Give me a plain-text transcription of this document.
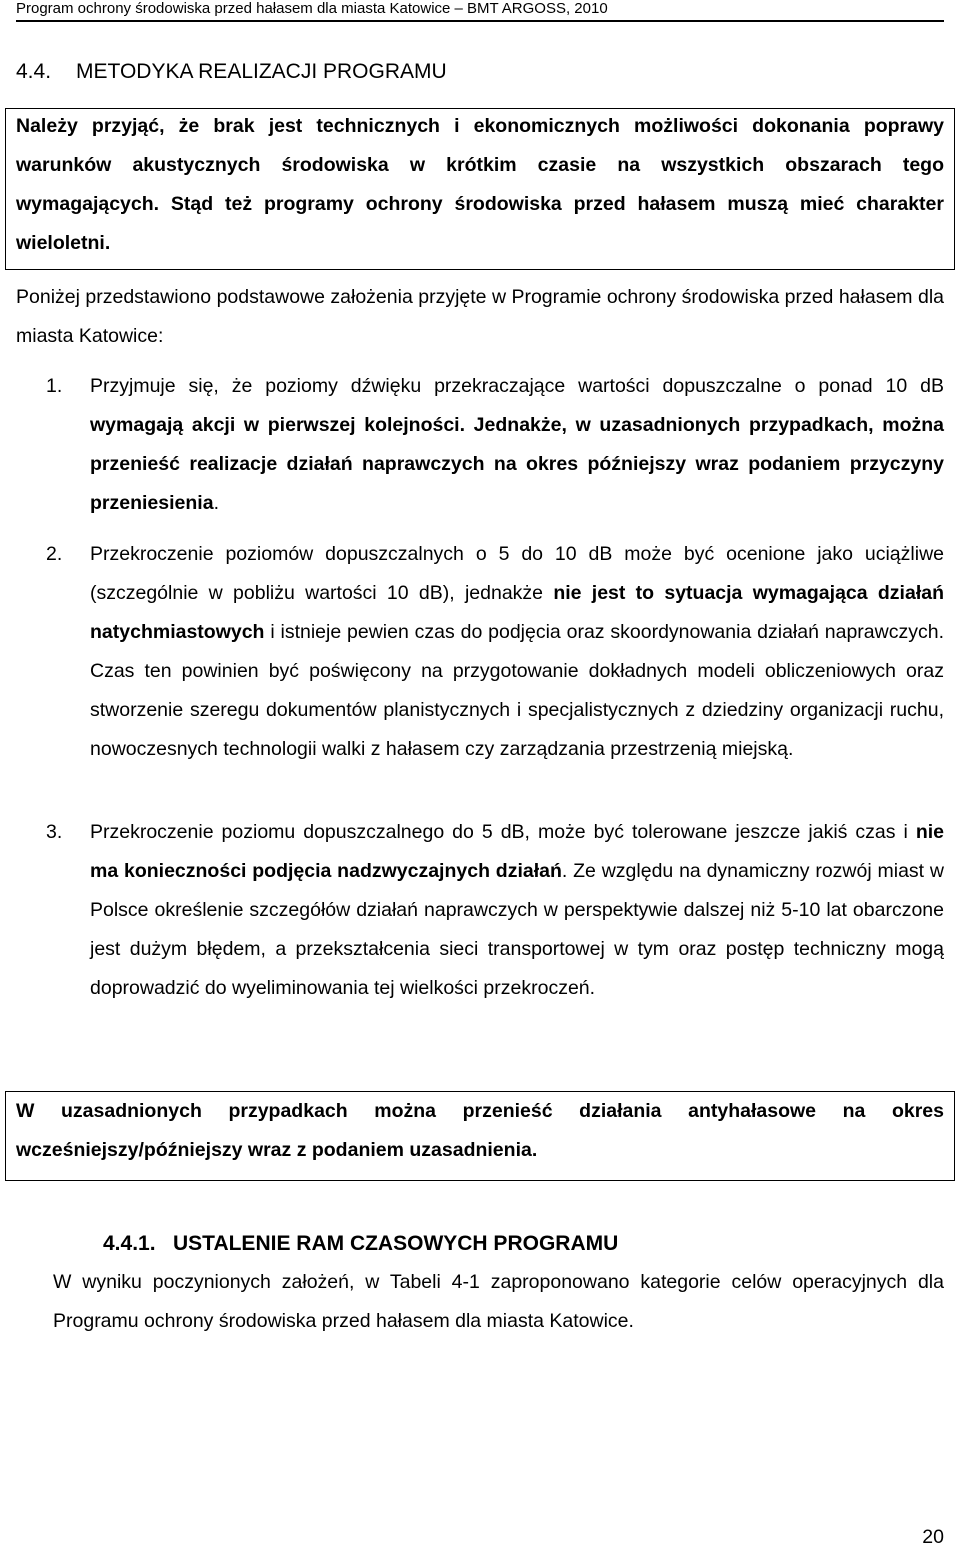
Program ochrony środowiska przed hałasem dla miasta Katowice – BMT ARGOSS, 2010
4.4. METODYKA REALIZACJI PROGRAMU
Należy przyjąć, że brak jest technicznych i ekonomicznych możliwości dokonania poprawy warunków akustycznych środowiska w krótkim czasie na wszystkich obszarach tego wymagających. Stąd też programy ochrony środowiska przed hałasem muszą mieć charakter wieloletni.
Poniżej przedstawiono podstawowe założenia przyjęte w Programie ochrony środowiska przed hałasem dla miasta Katowice:
1. Przyjmuje się, że poziomy dźwięku przekraczające wartości dopuszczalne o ponad 10 dB wymagają akcji w pierwszej kolejności. Jednakże, w uzasadnionych przypadkach, można przenieść realizacje działań naprawczych na okres późniejszy wraz podaniem przyczyny przeniesienia.
2. Przekroczenie poziomów dopuszczalnych o 5 do 10 dB może być ocenione jako uciążliwe (szczególnie w pobliżu wartości 10 dB), jednakże nie jest to sytuacja wymagająca działań natychmiastowych i istnieje pewien czas do podjęcia oraz skoordynowania działań naprawczych. Czas ten powinien być poświęcony na przygotowanie dokładnych modeli obliczeniowych oraz stworzenie szeregu dokumentów planistycznych i specjalistycznych z dziedziny organizacji ruchu, nowoczesnych technologii walki z hałasem czy zarządzania przestrzenią miejską.
3. Przekroczenie poziomu dopuszczalnego do 5 dB, może być tolerowane jeszcze jakiś czas i nie ma konieczności podjęcia nadzwyczajnych działań. Ze względu na dynamiczny rozwój miast w Polsce określenie szczegółów działań naprawczych w perspektywie dalszej niż 5-10 lat obarczone jest dużym błędem, a przekształcenia sieci transportowej w tym oraz postęp techniczny mogą doprowadzić do wyeliminowania tej wielkości przekroczeń.
W uzasadnionych przypadkach można przenieść działania antyhałasowe na okres wcześniejszy/późniejszy wraz z podaniem uzasadnienia.
4.4.1. USTALENIE RAM CZASOWYCH PROGRAMU
W wyniku poczynionych założeń, w Tabeli 4-1 zaproponowano kategorie celów operacyjnych dla Programu ochrony środowiska przed hałasem dla miasta Katowice.
20
